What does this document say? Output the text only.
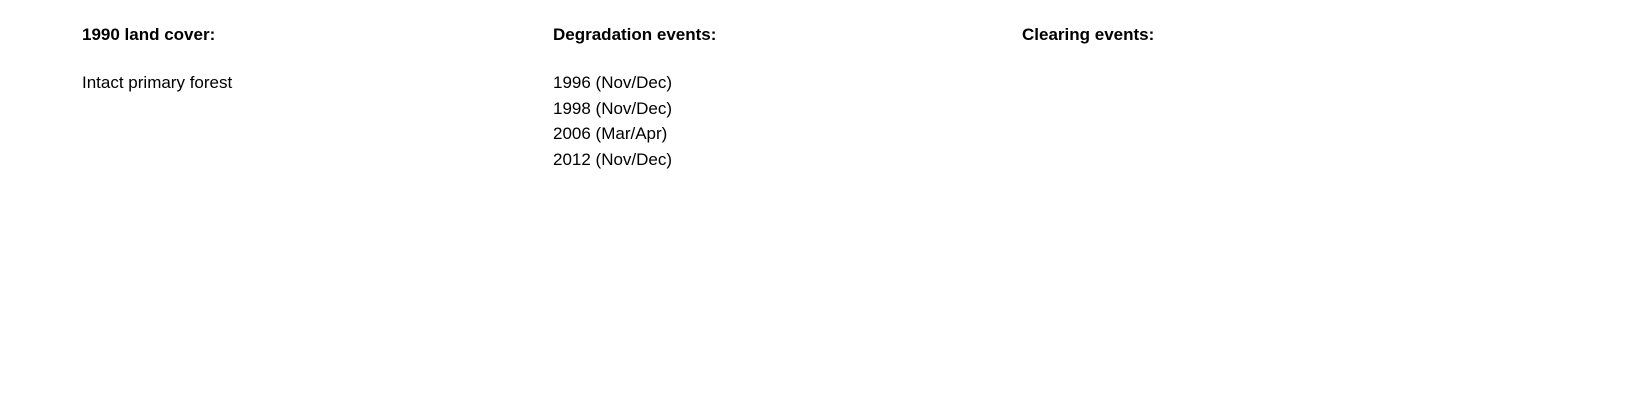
1990 land cover:
Intact primary forest
Degradation events:
1996 (Nov/Dec)
1998 (Nov/Dec)
2006 (Mar/Apr)
2012 (Nov/Dec)
Clearing events:
